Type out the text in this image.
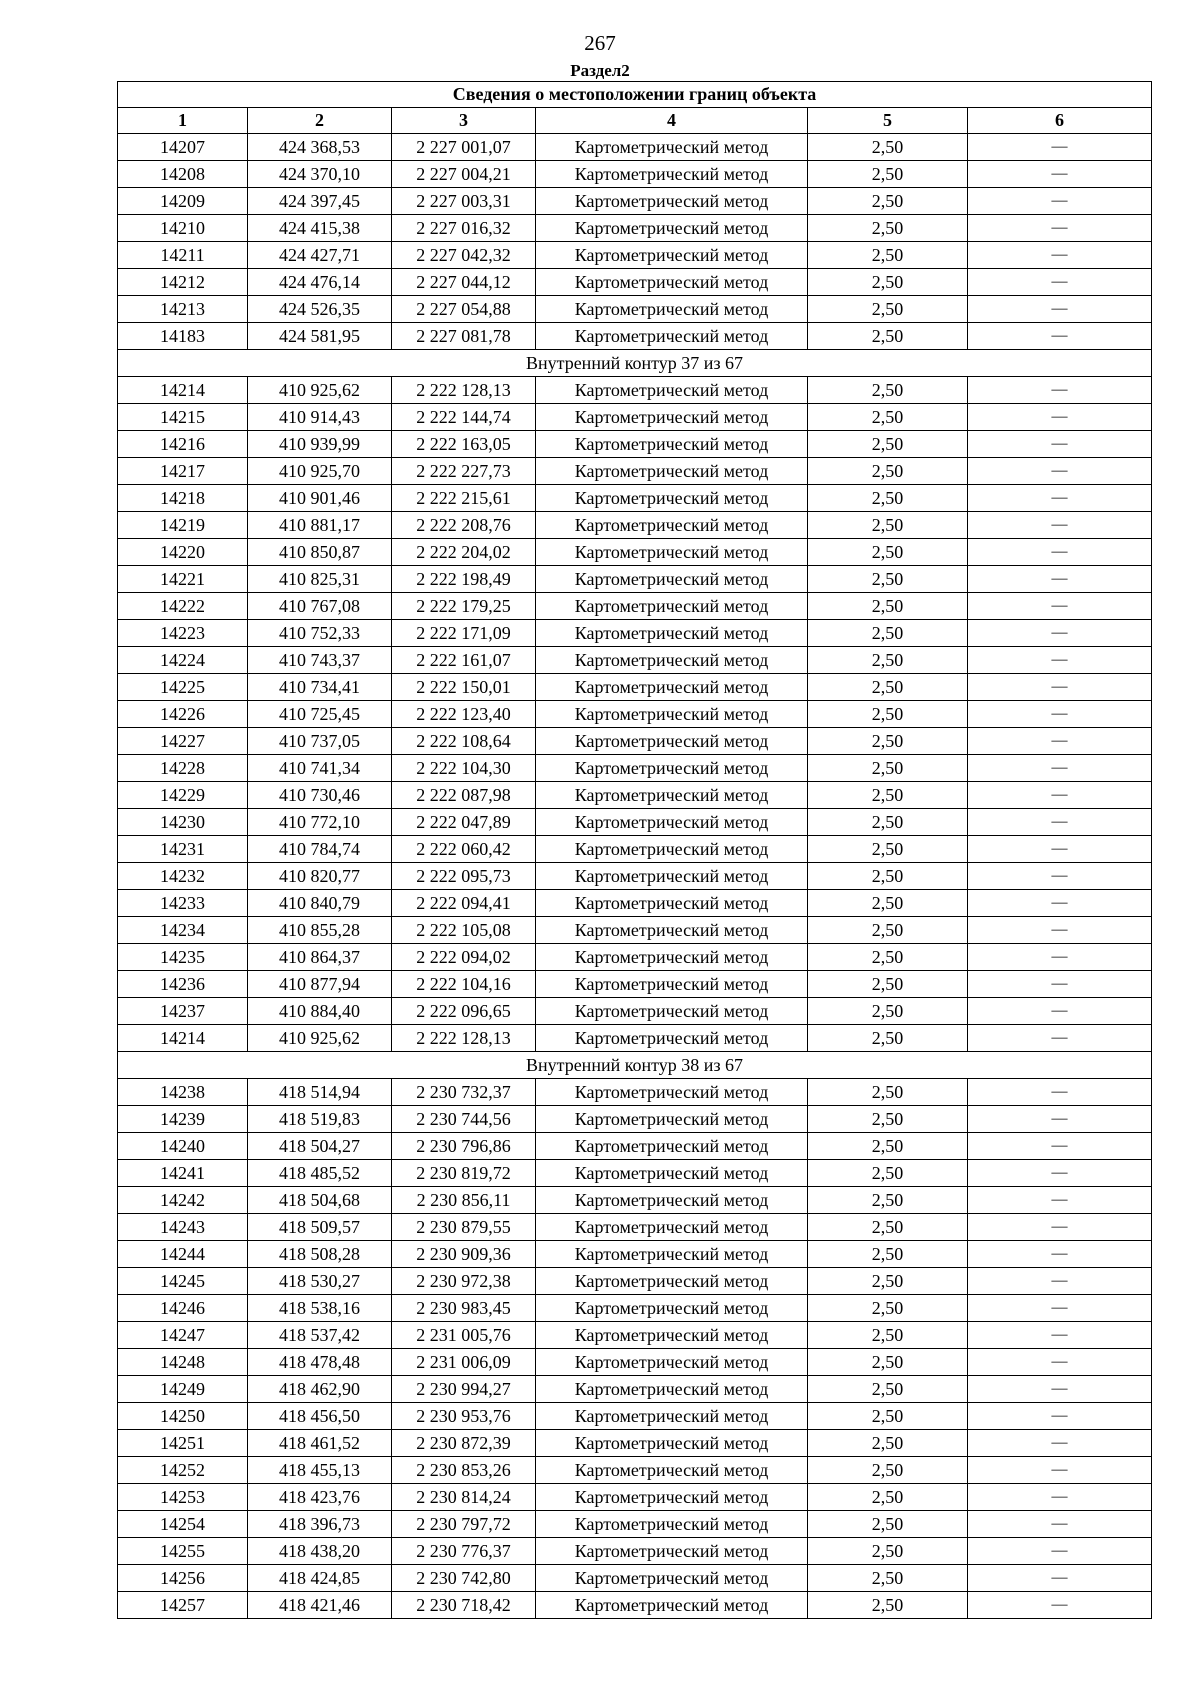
267
Раздел2
Сведения о местоположении границ объекта					
1	2	3	4	5	6
14207	424 368,53	2 227 001,07	Картометрический метод	2,50	—
14208	424 370,10	2 227 004,21	Картометрический метод	2,50	—
14209	424 397,45	2 227 003,31	Картометрический метод	2,50	—
14210	424 415,38	2 227 016,32	Картометрический метод	2,50	—
14211	424 427,71	2 227 042,32	Картометрический метод	2,50	—
14212	424 476,14	2 227 044,12	Картометрический метод	2,50	—
14213	424 526,35	2 227 054,88	Картометрический метод	2,50	—
14183	424 581,95	2 227 081,78	Картометрический метод	2,50	—
Внутренний контур 37 из 67					
14214	410 925,62	2 222 128,13	Картометрический метод	2,50	—
14215	410 914,43	2 222 144,74	Картометрический метод	2,50	—
14216	410 939,99	2 222 163,05	Картометрический метод	2,50	—
14217	410 925,70	2 222 227,73	Картометрический метод	2,50	—
14218	410 901,46	2 222 215,61	Картометрический метод	2,50	—
14219	410 881,17	2 222 208,76	Картометрический метод	2,50	—
14220	410 850,87	2 222 204,02	Картометрический метод	2,50	—
14221	410 825,31	2 222 198,49	Картометрический метод	2,50	—
14222	410 767,08	2 222 179,25	Картометрический метод	2,50	—
14223	410 752,33	2 222 171,09	Картометрический метод	2,50	—
14224	410 743,37	2 222 161,07	Картометрический метод	2,50	—
14225	410 734,41	2 222 150,01	Картометрический метод	2,50	—
14226	410 725,45	2 222 123,40	Картометрический метод	2,50	—
14227	410 737,05	2 222 108,64	Картометрический метод	2,50	—
14228	410 741,34	2 222 104,30	Картометрический метод	2,50	—
14229	410 730,46	2 222 087,98	Картометрический метод	2,50	—
14230	410 772,10	2 222 047,89	Картометрический метод	2,50	—
14231	410 784,74	2 222 060,42	Картометрический метод	2,50	—
14232	410 820,77	2 222 095,73	Картометрический метод	2,50	—
14233	410 840,79	2 222 094,41	Картометрический метод	2,50	—
14234	410 855,28	2 222 105,08	Картометрический метод	2,50	—
14235	410 864,37	2 222 094,02	Картометрический метод	2,50	—
14236	410 877,94	2 222 104,16	Картометрический метод	2,50	—
14237	410 884,40	2 222 096,65	Картометрический метод	2,50	—
14214	410 925,62	2 222 128,13	Картометрический метод	2,50	—
Внутренний контур 38 из 67					
14238	418 514,94	2 230 732,37	Картометрический метод	2,50	—
14239	418 519,83	2 230 744,56	Картометрический метод	2,50	—
14240	418 504,27	2 230 796,86	Картометрический метод	2,50	—
14241	418 485,52	2 230 819,72	Картометрический метод	2,50	—
14242	418 504,68	2 230 856,11	Картометрический метод	2,50	—
14243	418 509,57	2 230 879,55	Картометрический метод	2,50	—
14244	418 508,28	2 230 909,36	Картометрический метод	2,50	—
14245	418 530,27	2 230 972,38	Картометрический метод	2,50	—
14246	418 538,16	2 230 983,45	Картометрический метод	2,50	—
14247	418 537,42	2 231 005,76	Картометрический метод	2,50	—
14248	418 478,48	2 231 006,09	Картометрический метод	2,50	—
14249	418 462,90	2 230 994,27	Картометрический метод	2,50	—
14250	418 456,50	2 230 953,76	Картометрический метод	2,50	—
14251	418 461,52	2 230 872,39	Картометрический метод	2,50	—
14252	418 455,13	2 230 853,26	Картометрический метод	2,50	—
14253	418 423,76	2 230 814,24	Картометрический метод	2,50	—
14254	418 396,73	2 230 797,72	Картометрический метод	2,50	—
14255	418 438,20	2 230 776,37	Картометрический метод	2,50	—
14256	418 424,85	2 230 742,80	Картометрический метод	2,50	—
14257	418 421,46	2 230 718,42	Картометрический метод	2,50	—
